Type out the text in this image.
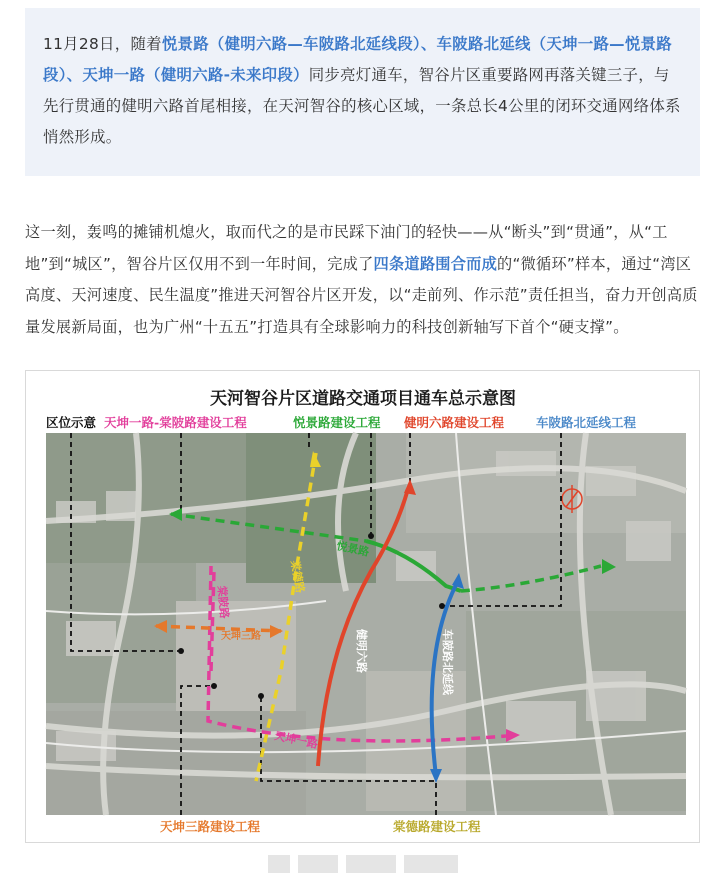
11月28日，随着悦景路（健明六路—车陂路北延线段）、车陂路北延线（天坤一路—悦景路段）、天坤一路（健明六路-未来印段）同步亮灯通车，智谷片区重要路网再落关键三子，与先行贯通的健明六路首尾相接，在天河智谷的核心区域，一条总长4公里的闭环交通网络体系悄然形成。

这一刻，轰鸣的摊铺机熄火，取而代之的是市民踩下油门的轻快——从“断头”到“贯通”，从“工地”到“城区”，智谷片区仅用不到一年时间，完成了四条道路围合而成的“微循环”样本，通过“湾区高度、天河速度、民生温度”推进天河智谷片区开发，以“走前列、作示范”责任担当，奋力开创高质量发展新局面，也为广州“十五五”打造具有全球影响力的科技创新轴写下首个“硬支撑”。

天河智谷片区道路交通项目通车总示意图
区位示意 天坤一路-棠陂路建设工程	悦景路建设工程 健明六路建设工程	车陂路北延线工程
天坤三路建设工程	棠德路建设工程
棠德路
棠陂路
天坤一路
天坤三路
悦景路
健明六路	车陂路北延线
